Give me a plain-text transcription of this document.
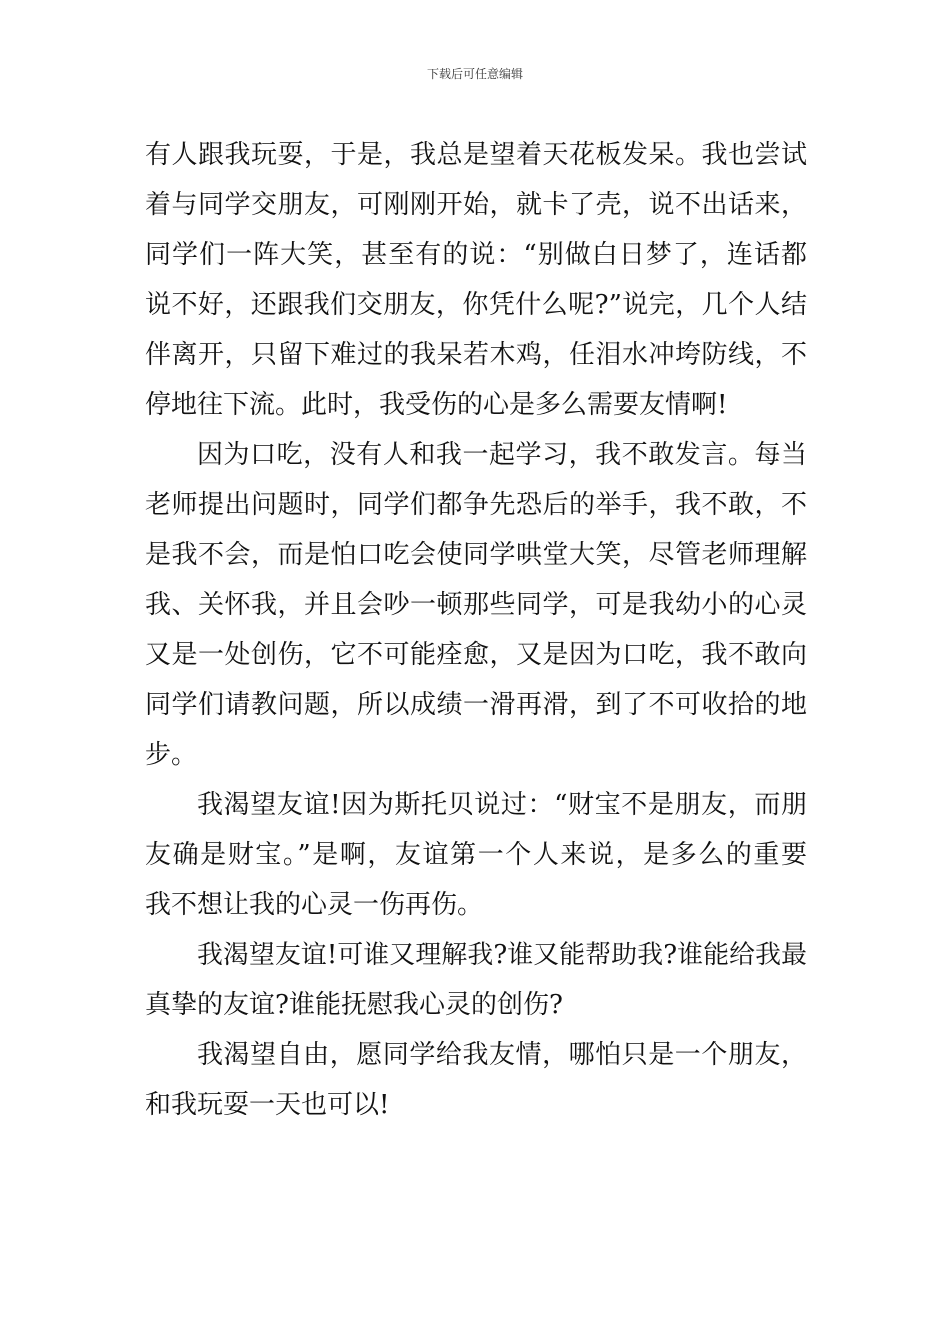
下载后可任意编辑
有人跟我玩耍，于是，我总是望着天花板发呆。我也尝试
着与同学交朋友，可刚刚开始，就卡了壳，说不出话来，
同学们一阵大笑，甚至有的说：“别做白日梦了，连话都
说不好，还跟我们交朋友，你凭什么呢?”说完，几个人结
伴离开，只留下难过的我呆若木鸡，任泪水冲垮防线，不
停地往下流。此时，我受伤的心是多么需要友情啊!
因为口吃，没有人和我一起学习，我不敢发言。每当
老师提出问题时，同学们都争先恐后的举手，我不敢，不
是我不会，而是怕口吃会使同学哄堂大笑，尽管老师理解
我、关怀我，并且会吵一顿那些同学，可是我幼小的心灵
又是一处创伤，它不可能痊愈，又是因为口吃，我不敢向
同学们请教问题，所以成绩一滑再滑，到了不可收拾的地
步。
我渴望友谊!因为斯托贝说过：“财宝不是朋友，而朋
友确是财宝。”是啊，友谊第一个人来说，是多么的重要
我不想让我的心灵一伤再伤。
我渴望友谊!可谁又理解我?谁又能帮助我?谁能给我最
真挚的友谊?谁能抚慰我心灵的创伤?
我渴望自由，愿同学给我友情，哪怕只是一个朋友，
和我玩耍一天也可以!
